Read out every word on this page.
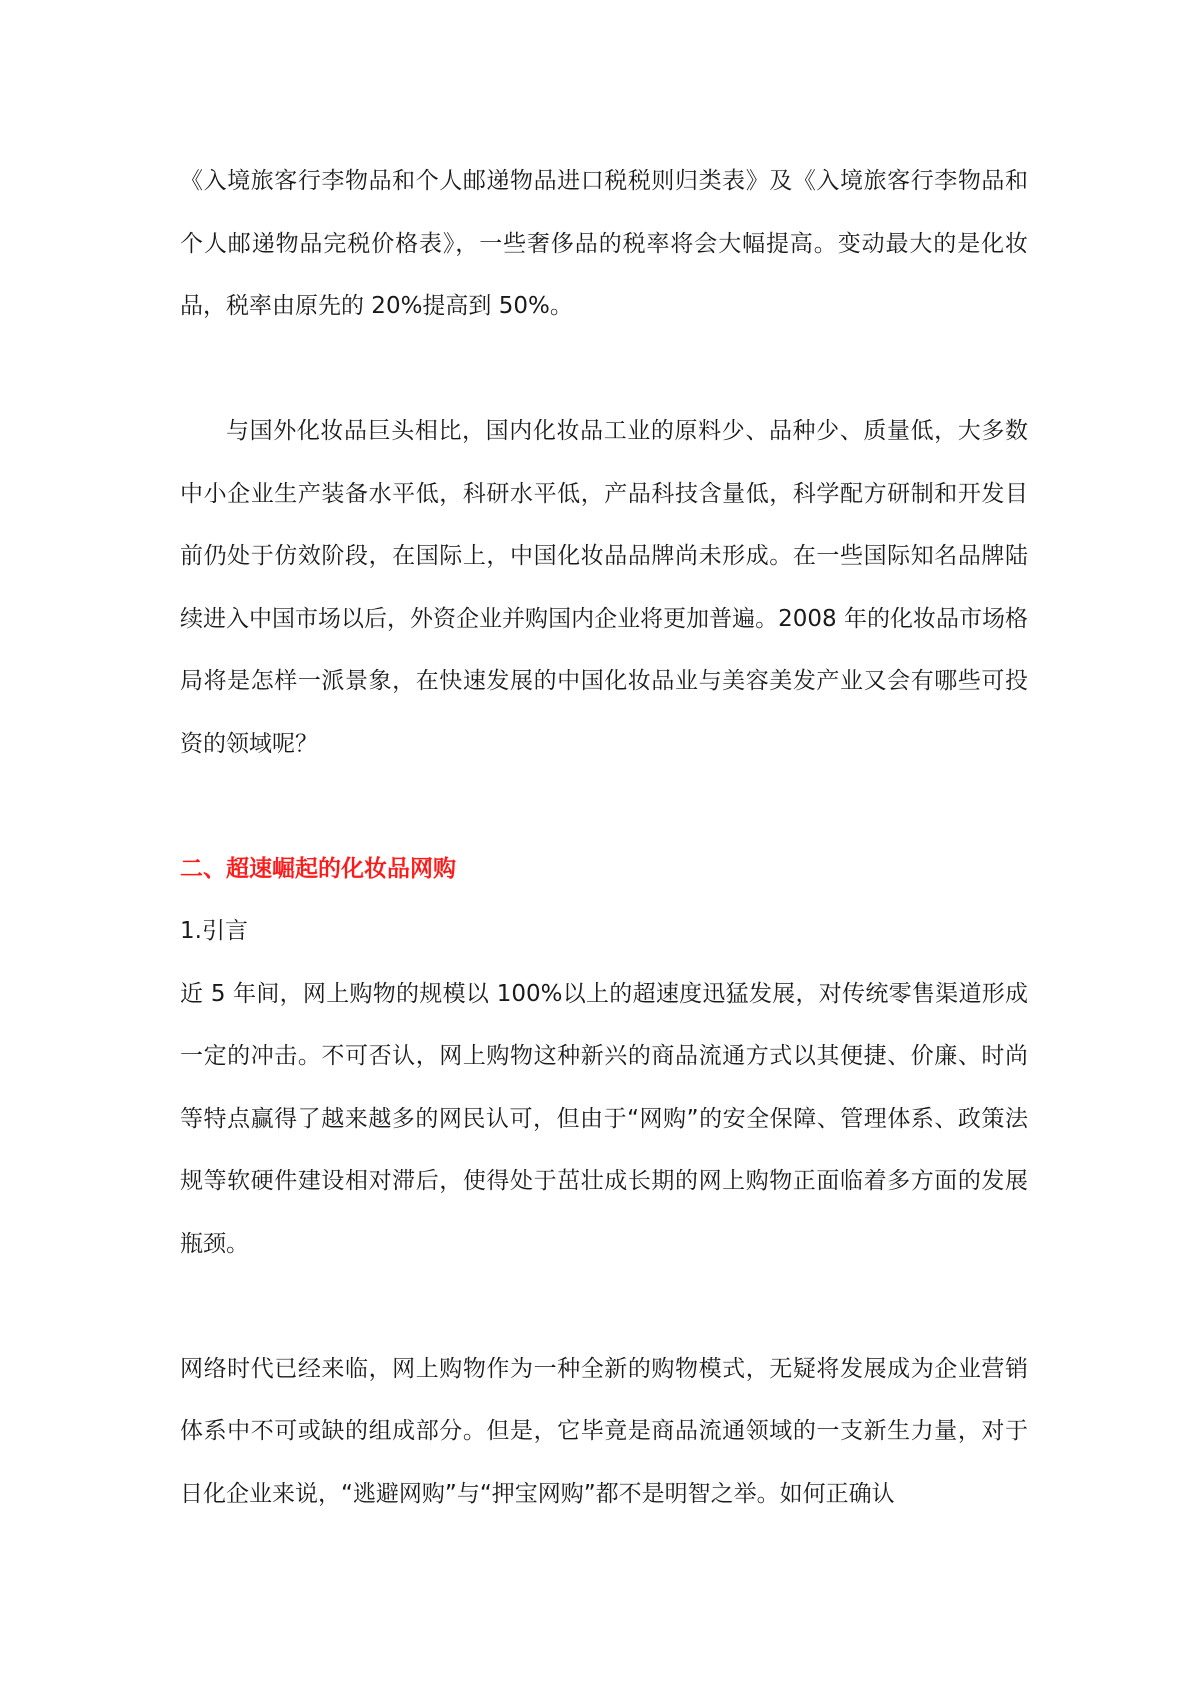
《入境旅客行李物品和个人邮递物品进口税税则归类表》及《入境旅客行李物品和个人邮递物品完税价格表》，一些奢侈品的税率将会大幅提高。变动最大的是化妆品，税率由原先的 20%提高到 50%。

与国外化妆品巨头相比，国内化妆品工业的原料少、品种少、质量低，大多数中小企业生产装备水平低，科研水平低，产品科技含量低，科学配方研制和开发目前仍处于仿效阶段，在国际上，中国化妆品品牌尚未形成。在一些国际知名品牌陆续进入中国市场以后，外资企业并购国内企业将更加普遍。2008 年的化妆品市场格局将是怎样一派景象，在快速发展的中国化妆品业与美容美发产业又会有哪些可投资的领域呢？

二、超速崛起的化妆品网购

1.引言

近 5 年间，网上购物的规模以 100%以上的超速度迅猛发展，对传统零售渠道形成一定的冲击。不可否认，网上购物这种新兴的商品流通方式以其便捷、价廉、时尚等特点赢得了越来越多的网民认可，但由于“网购”的安全保障、管理体系、政策法规等软硬件建设相对滞后，使得处于茁壮成长期的网上购物正面临着多方面的发展瓶颈。

网络时代已经来临，网上购物作为一种全新的购物模式，无疑将发展成为企业营销体系中不可或缺的组成部分。但是，它毕竟是商品流通领域的一支新生力量，对于日化企业来说，“逃避网购”与“押宝网购”都不是明智之举。如何正确认
